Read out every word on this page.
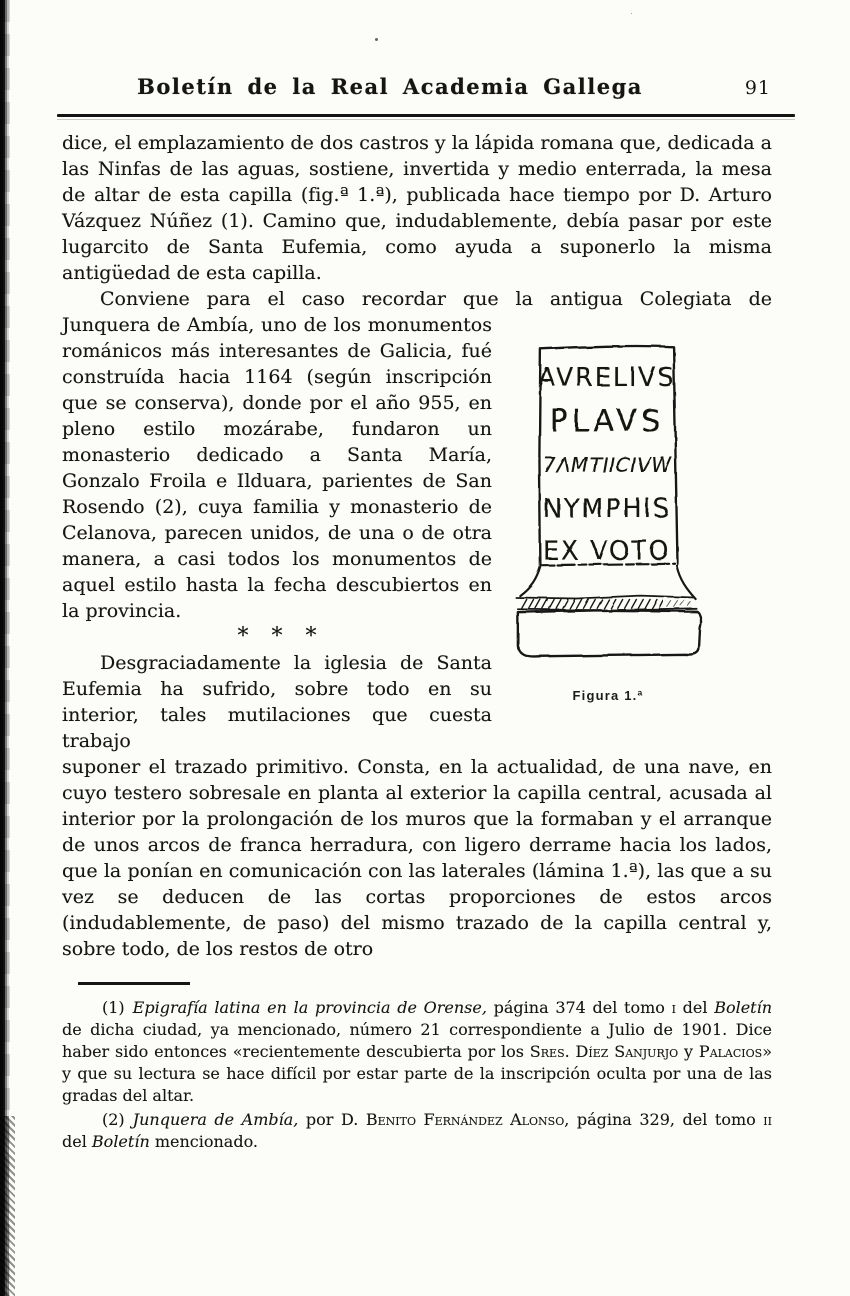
Boletín de la Real Academia Gallega	91

dice, el emplazamiento de dos castros y la lápida romana que, dedicada a las Ninfas de las aguas, sostiene, invertida y medio enterrada, la mesa de altar de esta capilla (fig.ª 1.ª), publicada hace tiempo por D. Arturo Vázquez Núñez (1). Camino que, indudablemente, debía pasar por este lugarcito de Santa Eufemia, como ayuda a suponerlo la misma antigüedad de esta capilla.

Conviene para el caso recordar que la antigua Colegiata de

Junquera de Ambía, uno de los monumentos románicos más interesantes de Galicia, fué construída hacia 1164 (según inscripción que se conserva), donde por el año 955, en pleno estilo mozárabe, fundaron un monasterio dedicado a Santa María, Gonzalo Froila e Ilduara, parientes de San Rosendo (2), cuya familia y monasterio de Celanova, parecen unidos, de una o de otra manera, a casi todos los monumentos de aquel estilo hasta la fecha descubiertos en la provincia.

* * *

Desgraciadamente la iglesia de Santa Eufemia ha sufrido, sobre todo en su interior, tales mutilaciones que cuesta trabajo

AVRELIVS
PLAVS
7ΛMTIICIVW
NYMPHIS
EX VOTO
Figura 1.ª

suponer el trazado primitivo. Consta, en la actualidad, de una nave, en cuyo testero sobresale en planta al exterior la capilla central, acusada al interior por la prolongación de los muros que la formaban y el arranque de unos arcos de franca herradura, con ligero derrame hacia los lados, que la ponían en comunicación con las laterales (lámina 1.ª), las que a su vez se deducen de las cortas proporciones de estos arcos (indudablemente, de paso) del mismo trazado de la capilla central y, sobre todo, de los restos de otro

(1) Epigrafía latina en la provincia de Orense, página 374 del tomo i del Boletín de dicha ciudad, ya mencionado, número 21 correspondiente a Julio de 1901. Dice haber sido entonces «recientemente descubierta por los Sres. Díez Sanjurjo y Palacios» y que su lectura se hace difícil por estar parte de la inscripción oculta por una de las gradas del altar.

(2) Junquera de Ambía, por D. Benito Fernández Alonso, página 329, del tomo ii del Boletín mencionado.
